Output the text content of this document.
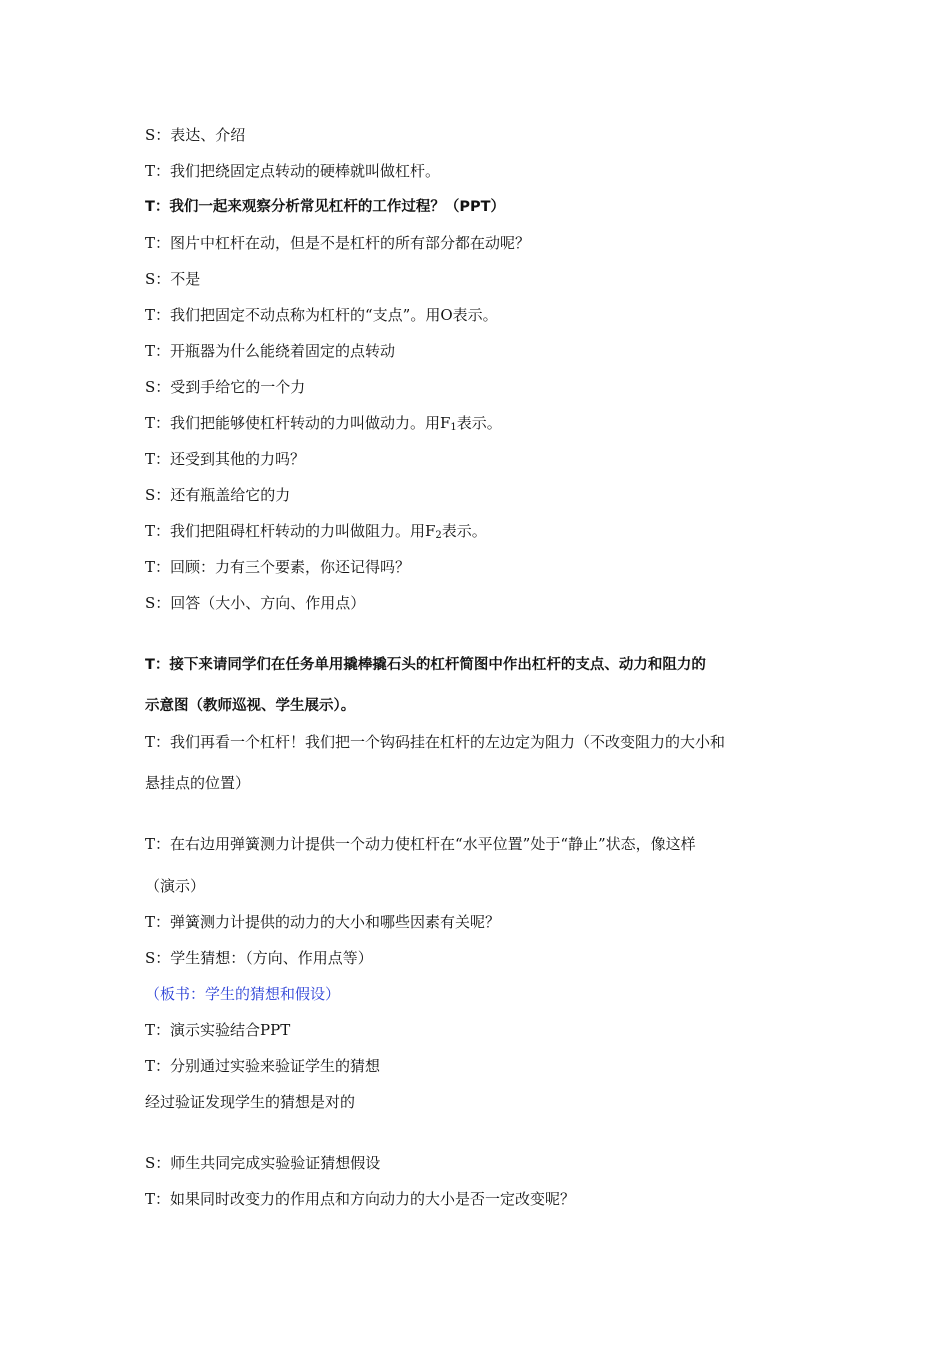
S：表达、介绍
T：我们把绕固定点转动的硬棒就叫做杠杆。
T：我们一起来观察分析常见杠杆的工作过程？（PPT）
T：图片中杠杆在动，但是不是杠杆的所有部分都在动呢？
S：不是
T：我们把固定不动点称为杠杆的“支点”。用O表示。
T：开瓶器为什么能绕着固定的点转动
S：受到手给它的一个力
T：我们把能够使杠杆转动的力叫做动力。用$F_1$表示。
T：还受到其他的力吗？
S：还有瓶盖给它的力
T：我们把阻碍杠杆转动的力叫做阻力。用$F_2$表示。
T：回顾：力有三个要素，你还记得吗？
S：回答（大小、方向、作用点）
T：接下来请同学们在任务单用撬棒撬石头的杠杆简图中作出杠杆的支点、动力和阻力的
示意图（教师巡视、学生展示）。
T：我们再看一个杠杆！我们把一个钩码挂在杠杆的左边定为阻力（不改变阻力的大小和
悬挂点的位置）
T：在右边用弹簧测力计提供一个动力使杠杆在“水平位置”处于“静止”状态，像这样
（演示）
T：弹簧测力计提供的动力的大小和哪些因素有关呢？
S：学生猜想：（方向、作用点等）
（板书：学生的猜想和假设）
T：演示实验结合PPT
T：分别通过实验来验证学生的猜想
经过验证发现学生的猜想是对的
S：师生共同完成实验验证猜想假设
T：如果同时改变力的作用点和方向动力的大小是否一定改变呢？
